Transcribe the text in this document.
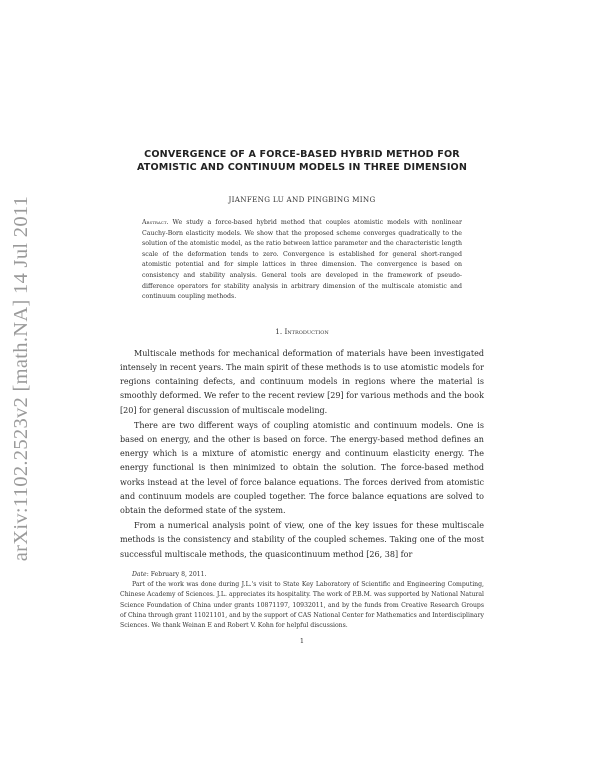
arXiv:1102.2523v2 [math.NA] 14 Jul 2011
CONVERGENCE OF A FORCE-BASED HYBRID METHOD FOR ATOMISTIC AND CONTINUUM MODELS IN THREE DIMENSION
JIANFENG LU AND PINGBING MING
Abstract. We study a force-based hybrid method that couples atomistic models with nonlinear Cauchy-Born elasticity models. We show that the proposed scheme converges quadratically to the solution of the atomistic model, as the ratio between lattice parameter and the characteristic length scale of the deformation tends to zero. Convergence is established for general short-ranged atomistic potential and for simple lattices in three dimension. The convergence is based on consistency and stability analysis. General tools are developed in the framework of pseudo-difference operators for stability analysis in arbitrary dimension of the multiscale atomistic and continuum coupling methods.
1. Introduction

Multiscale methods for mechanical deformation of materials have been investigated intensely in recent years. The main spirit of these methods is to use atomistic models for regions containing defects, and continuum models in regions where the material is smoothly deformed. We refer to the recent review [29] for various methods and the book [20] for general discussion of multiscale modeling.

There are two different ways of coupling atomistic and continuum models. One is based on energy, and the other is based on force. The energy-based method defines an energy which is a mixture of atomistic energy and continuum elasticity energy. The energy functional is then minimized to obtain the solution. The force-based method works instead at the level of force balance equations. The forces derived from atomistic and continuum models are coupled together. The force balance equations are solved to obtain the deformed state of the system.

From a numerical analysis point of view, one of the key issues for these multiscale methods is the consistency and stability of the coupled schemes. Taking one of the most successful multiscale methods, the quasicontinuum method [26, 38] for

Date: February 8, 2011.

Part of the work was done during J.L.'s visit to State Key Laboratory of Scientific and Engineering Computing, Chinese Academy of Sciences. J.L. appreciates its hospitality. The work of P.B.M. was supported by National Natural Science Foundation of China under grants 10871197, 10932011, and by the funds from Creative Research Groups of China through grant 11021101, and by the support of CAS National Center for Mathematics and Interdisciplinary Sciences. We thank Weinan E and Robert V. Kohn for helpful discussions.

1
